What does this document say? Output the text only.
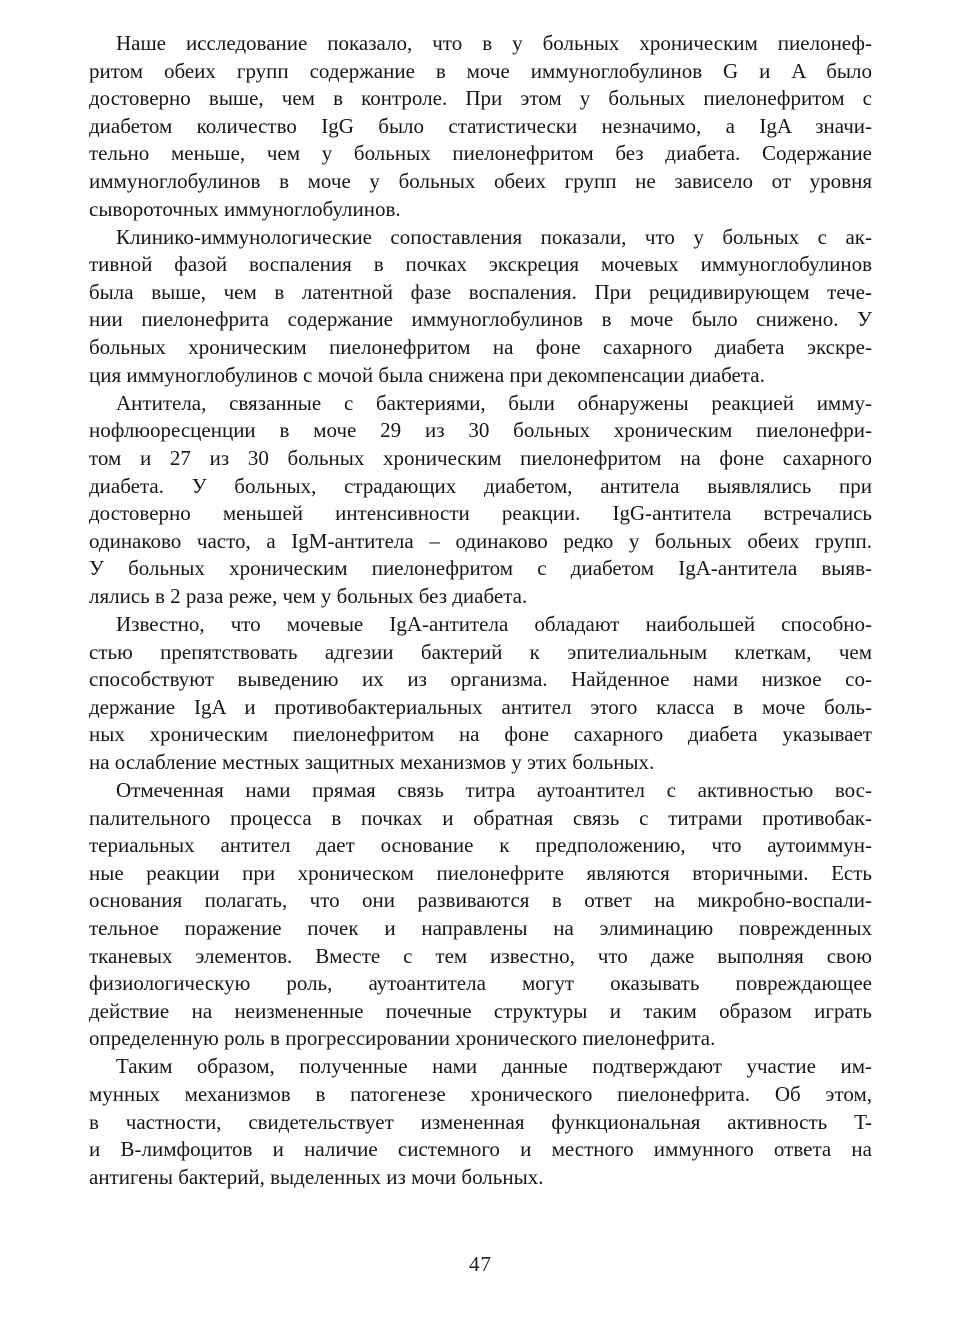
Наше исследование показало, что в у больных хроническим пиелонеф-
ритом обеих групп содержание в моче иммуноглобулинов G и A было
достоверно выше, чем в контроле. При этом у больных пиелонефритом с
диабетом количество IgG было статистически незначимо, а IgA значи-
тельно меньше, чем у больных пиелонефритом без диабета. Содержание
иммуноглобулинов в моче у больных обеих групп не зависело от уровня
сывороточных иммуноглобулинов.
Клинико-иммунологические сопоставления показали, что у больных с ак-
тивной фазой воспаления в почках экскреция мочевых иммуноглобулинов
была выше, чем в латентной фазе воспаления. При рецидивирующем тече-
нии пиелонефрита содержание иммуноглобулинов в моче было снижено. У
больных хроническим пиелонефритом на фоне сахарного диабета экскре-
ция иммуноглобулинов с мочой была снижена при декомпенсации диабета.
Антитела, связанные с бактериями, были обнаружены реакцией имму-
нофлюоресценции в моче 29 из 30 больных хроническим пиелонефри-
том и 27 из 30 больных хроническим пиелонефритом на фоне сахарного
диабета. У больных, страдающих диабетом, антитела выявлялись при
достоверно меньшей интенсивности реакции. IgG-антитела встречались
одинаково часто, а IgM-антитела – одинаково редко у больных обеих групп.
У больных хроническим пиелонефритом с диабетом IgA-антитела выяв-
лялись в 2 раза реже, чем у больных без диабета.
Известно, что мочевые IgA-антитела обладают наибольшей способно-
стью препятствовать адгезии бактерий к эпителиальным клеткам, чем
способствуют выведению их из организма. Найденное нами низкое со-
держание IgA и противобактериальных антител этого класса в моче боль-
ных хроническим пиелонефритом на фоне сахарного диабета указывает
на ослабление местных защитных механизмов у этих больных.
Отмеченная нами прямая связь титра аутоантител с активностью вос-
палительного процесса в почках и обратная связь с титрами противобак-
териальных антител дает основание к предположению, что аутоиммун-
ные реакции при хроническом пиелонефрите являются вторичными. Есть
основания полагать, что они развиваются в ответ на микробно-воспали-
тельное поражение почек и направлены на элиминацию поврежденных
тканевых элементов. Вместе с тем известно, что даже выполняя свою
физиологическую роль, аутоантитела могут оказывать повреждающее
действие на неизмененные почечные структуры и таким образом играть
определенную роль в прогрессировании хронического пиелонефрита.
Таким образом, полученные нами данные подтверждают участие им-
мунных механизмов в патогенезе хронического пиелонефрита. Об этом,
в частности, свидетельствует измененная функциональная активность T-
и B-лимфоцитов и наличие системного и местного иммунного ответа на
антигены бактерий, выделенных из мочи больных.
47
